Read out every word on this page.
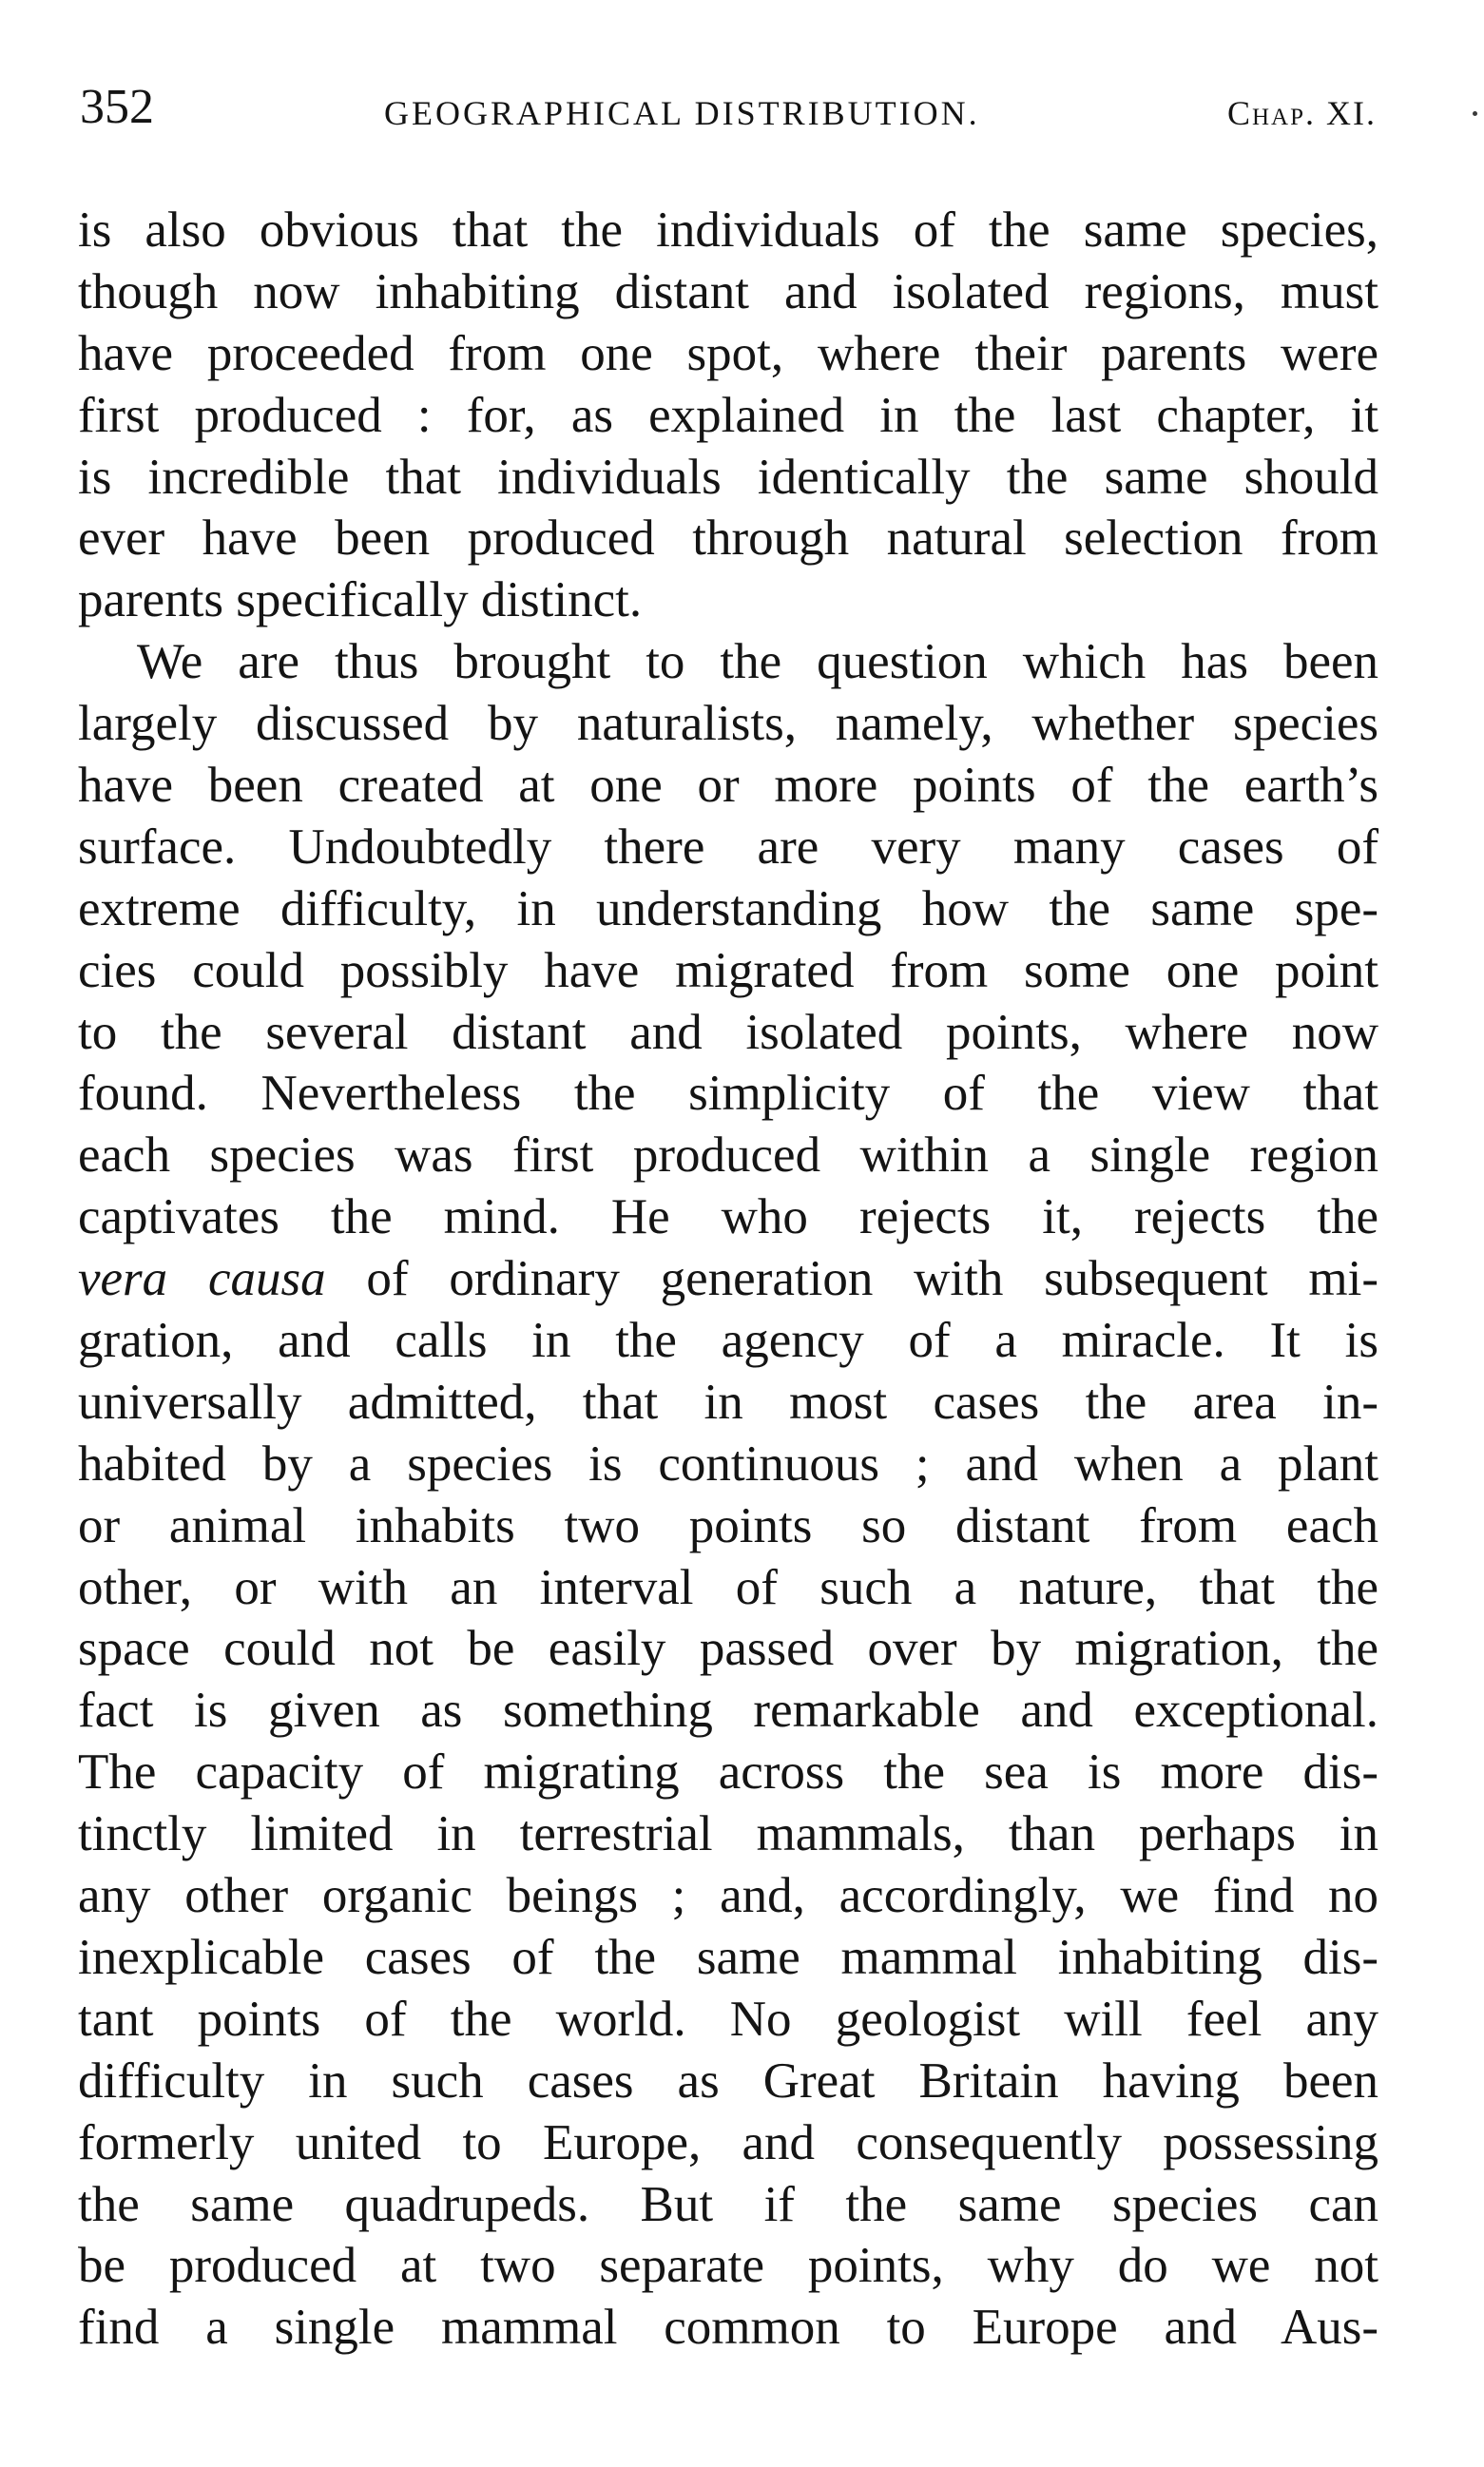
352	GEOGRAPHICAL DISTRIBUTION.	Chap. XI.
is also obvious that the individuals of the same species,
though now inhabiting distant and isolated regions, must
have proceeded from one spot, where their parents were
first produced : for, as explained in the last chapter, it
is incredible that individuals identically the same should
ever have been produced through natural selection from
parents specifically distinct.
We are thus brought to the question which has been
largely discussed by naturalists, namely, whether species
have been created at one or more points of the earth’s
surface. Undoubtedly there are very many cases of
extreme difficulty, in understanding how the same spe-
cies could possibly have migrated from some one point
to the several distant and isolated points, where now
found. Nevertheless the simplicity of the view that
each species was first produced within a single region
captivates the mind. He who rejects it, rejects the
vera causa of ordinary generation with subsequent mi-
gration, and calls in the agency of a miracle. It is
universally admitted, that in most cases the area in-
habited by a species is continuous ; and when a plant
or animal inhabits two points so distant from each
other, or with an interval of such a nature, that the
space could not be easily passed over by migration, the
fact is given as something remarkable and exceptional.
The capacity of migrating across the sea is more dis-
tinctly limited in terrestrial mammals, than perhaps in
any other organic beings ; and, accordingly, we find no
inexplicable cases of the same mammal inhabiting dis-
tant points of the world. No geologist will feel any
difficulty in such cases as Great Britain having been
formerly united to Europe, and consequently possessing
the same quadrupeds. But if the same species can
be produced at two separate points, why do we not
find a single mammal common to Europe and Aus-
